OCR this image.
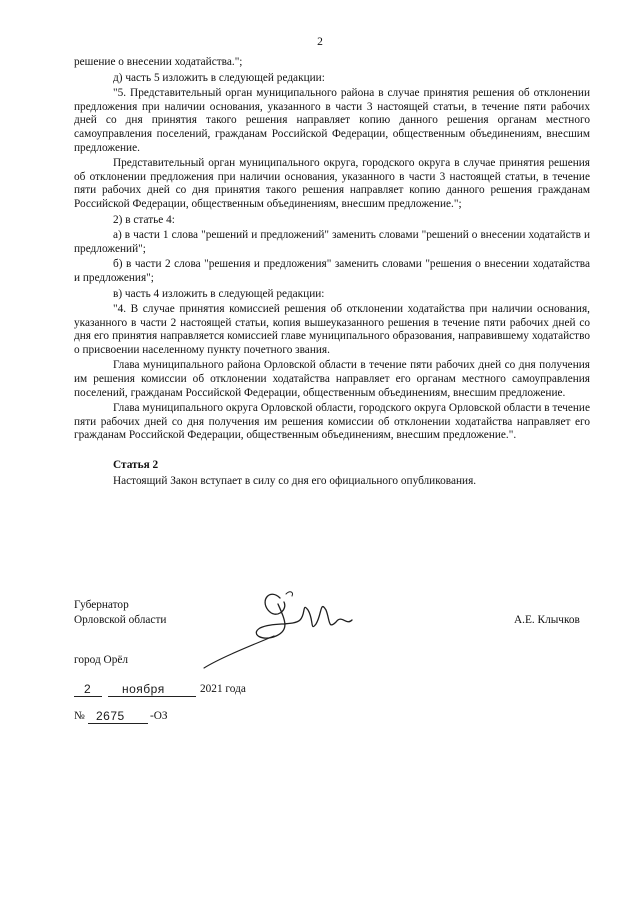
2

решение о внесении ходатайства.";

д) часть 5 изложить в следующей редакции:

"5. Представительный орган муниципального района в случае принятия решения об отклонении предложения при наличии основания, указанного в части 3 настоящей статьи, в течение пяти рабочих дней со дня принятия такого решения направляет копию данного решения органам местного самоуправления поселений, гражданам Российской Федерации, общественным объединениям, внесшим предложение.

Представительный орган муниципального округа, городского округа в случае принятия решения об отклонении предложения при наличии основания, указанного в части 3 настоящей статьи, в течение пяти рабочих дней со дня принятия такого решения направляет копию данного решения гражданам Российской Федерации, общественным объединениям, внесшим предложение.";

2) в статье 4:

а) в части 1 слова "решений и предложений" заменить словами "решений о внесении ходатайств и предложений";

б) в части 2 слова "решения и предложения" заменить словами "решения о внесении ходатайства и предложения";

в) часть 4 изложить в следующей редакции:

"4. В случае принятия комиссией решения об отклонении ходатайства при наличии основания, указанного в части 2 настоящей статьи, копия вышеуказанного решения в течение пяти рабочих дней со дня его принятия направляется комиссией главе муниципального образования, направившему ходатайство о присвоении населенному пункту почетного звания.

Глава муниципального района Орловской области в течение пяти рабочих дней со дня получения им решения комиссии об отклонении ходатайства направляет его органам местного самоуправления поселений, гражданам Российской Федерации, общественным объединениям, внесшим предложение.

Глава муниципального округа Орловской области, городского округа Орловской области в течение пяти рабочих дней со дня получения им решения комиссии об отклонении ходатайства направляет его гражданам Российской Федерации, общественным объединениям, внесшим предложение.".

Статья 2

Настоящий Закон вступает в силу со дня его официального опубликования.

Губернатор
Орловской области	А.Е. Клычков
город Орёл
2	ноября	2021 года
№ 2675 -ОЗ
